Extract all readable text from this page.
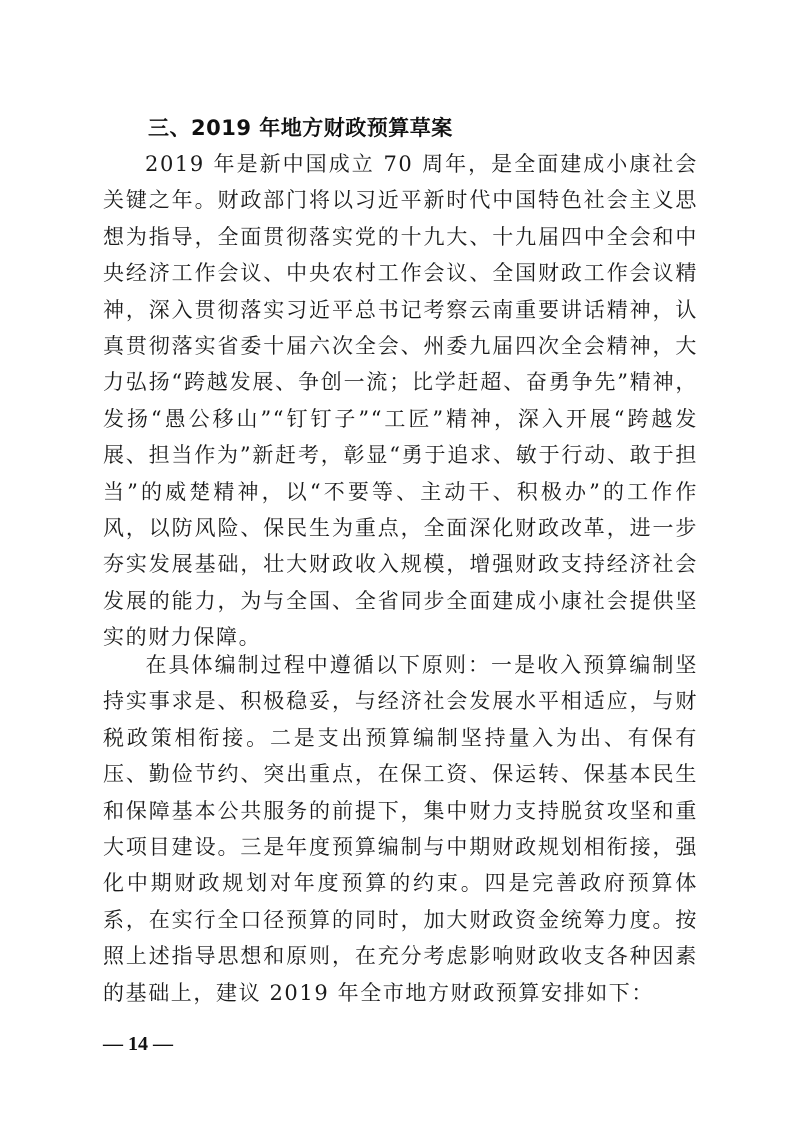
三、2019 年地方财政预算草案
2019 年是新中国成立 70 周年，是全面建成小康社会关键之年。财政部门将以习近平新时代中国特色社会主义思想为指导，全面贯彻落实党的十九大、十九届四中全会和中央经济工作会议、中央农村工作会议、全国财政工作会议精神，深入贯彻落实习近平总书记考察云南重要讲话精神，认真贯彻落实省委十届六次全会、州委九届四次全会精神，大力弘扬“跨越发展、争创一流；比学赶超、奋勇争先”精神，发扬“愚公移山”“钉钉子”“工匠”精神，深入开展“跨越发展、担当作为”新赶考，彰显“勇于追求、敏于行动、敢于担当”的威楚精神，以“不要等、主动干、积极办”的工作作风，以防风险、保民生为重点，全面深化财政改革，进一步夯实发展基础，壮大财政收入规模，增强财政支持经济社会发展的能力，为与全国、全省同步全面建成小康社会提供坚实的财力保障。
在具体编制过程中遵循以下原则：一是收入预算编制坚持实事求是、积极稳妥，与经济社会发展水平相适应，与财税政策相衔接。二是支出预算编制坚持量入为出、有保有压、勤俭节约、突出重点，在保工资、保运转、保基本民生和保障基本公共服务的前提下，集中财力支持脱贫攻坚和重大项目建设。三是年度预算编制与中期财政规划相衔接，强化中期财政规划对年度预算的约束。四是完善政府预算体系，在实行全口径预算的同时，加大财政资金统筹力度。按照上述指导思想和原则，在充分考虑影响财政收支各种因素的基础上，建议 2019 年全市地方财政预算安排如下：
— 14 —
